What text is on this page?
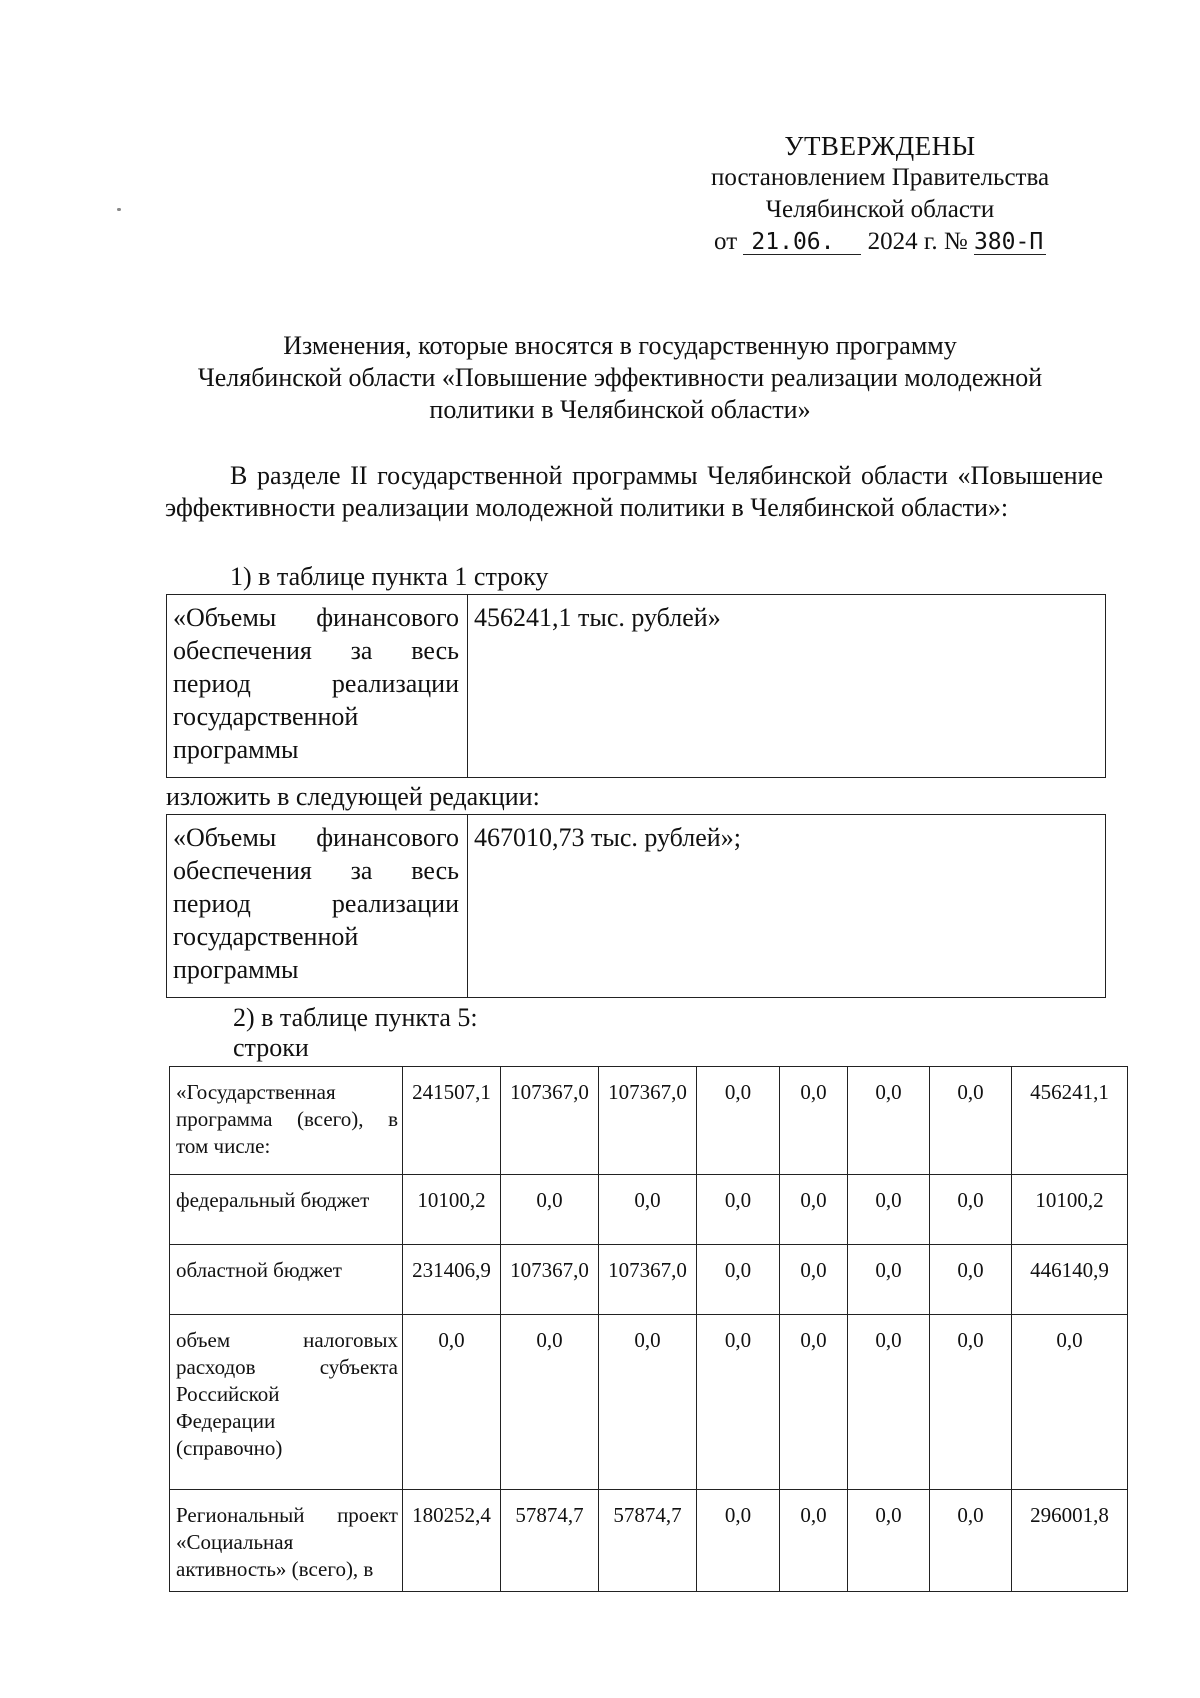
УТВЕРЖДЕНЫ
постановлением Правительства
Челябинской области
от 21.06. 2024 г. № 380-П
Изменения, которые вносятся в государственную программу
Челябинской области «Повышение эффективности реализации молодежной
политики в Челябинской области»
В разделе II государственной программы Челябинской области «Повышение эффективности реализации молодежной политики в Челябинской области»:
1) в таблице пункта 1 строку
«Объемы финансового
обеспечения за весь
период реализации
государственной
программы
	456241,1 тыс. рублей»
изложить в следующей редакции:
«Объемы финансового
обеспечения за весь
период реализации
государственной
программы
	467010,73 тыс. рублей»;
2) в таблице пункта 5:
строки
«Государственная
программа (всего), в
том числе:	241507,1	107367,0	107367,0	0,0	0,0	0,0	0,0	456241,1

федеральный бюджет	10100,2	0,0	0,0	0,0	0,0	0,0	0,0	10100,2

областной бюджет	231406,9	107367,0	107367,0	0,0	0,0	0,0	0,0	446140,9

объем налоговых
расходов субъекта
Российской
Федерации
(справочно)	0,0	0,0	0,0	0,0	0,0	0,0	0,0	0,0

Региональный проект
«Социальная
активность» (всего), в	180252,4	57874,7	57874,7	0,0	0,0	0,0	0,0	296001,8
